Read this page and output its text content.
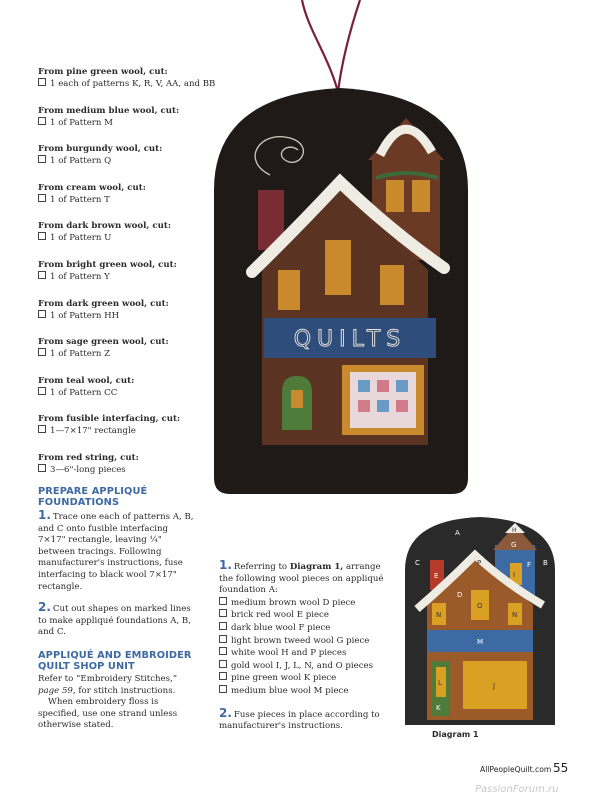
From pine green wool, cut:
1 each of patterns K, R, V, AA, and BB
From medium blue wool, cut:
1 of Pattern M
From burgundy wool, cut:
1 of Pattern Q
From cream wool, cut:
1 of Pattern T
From dark brown wool, cut:
1 of Pattern U
From bright green wool, cut:
1 of Pattern Y
From dark green wool, cut:
1 of Pattern HH
From sage green wool, cut:
1 of Pattern Z
From teal wool, cut:
1 of Pattern CC
From fusible interfacing, cut:
1—7×17" rectangle
From red string, cut:
3—6"-long pieces
PREPARE APPLIQUÉ
FOUNDATIONS
1. Trace one each of patterns A, B, and C onto fusible interfacing 7×17" rectangle, leaving ¼" between tracings. Following manufacturer's instructions, fuse interfacing to black wool 7×17" rectangle.
2. Cut out shapes on marked lines to make appliqué foundations A, B, and C.
APPLIQUÉ AND EMBROIDER
QUILT SHOP UNIT
Refer to “Embroidery Stitches,” page 59, for stitch instructions.
When embroidery floss is specified, use one strand unless otherwise stated.
1. Referring to Diagram 1, arrange the following wool pieces on appliqué foundation A:
medium brown wool D piece
brick red wool E piece
dark blue wool F piece
light brown tweed wool G piece
white wool H and P pieces
gold wool I, J, L, N, and O pieces
pine green wool K piece
medium blue wool M piece
2. Fuse pieces in place according to manufacturer's instructions.
QUILTS
A
F
G
H
I
E
D
P
N
O
N
M
K
L	J
B
C
Diagram 1
AllPeopleQuilt.com 55
PassionForum.ru
